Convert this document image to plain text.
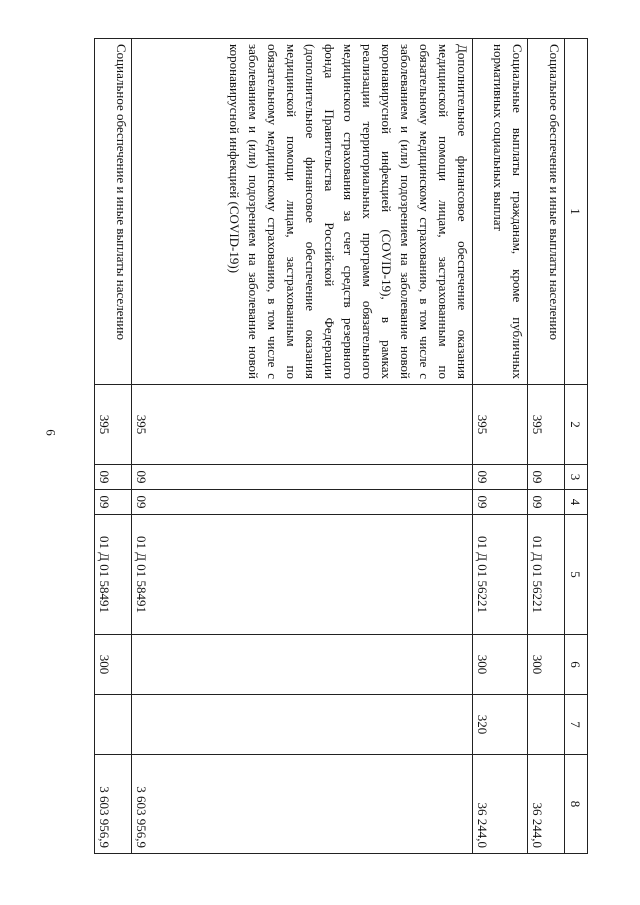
6
1	2	3	4	5	6	7	8
Социальное обеспечение и иные выплаты населению	395	09	09	01 Д 01 56221	300		36 244,0
Социальные выплаты гражданам, кроме публичных нормативных социальных выплат	395	09	09	01 Д 01 56221	300	320	36 244,0
Дополнительное финансовое обеспечение оказания медицинской помощи лицам, застрахованным по обязательному медицинскому страхованию, в том числе с заболеванием и (или) подозрением на заболевание новой коронавирусной инфекцией (COVID-19), в рамках реализации территориальных программ обязательного медицинского страхования за счет средств резервного фонда Правительства Российской Федерации (дополнительное финансовое обеспечение оказания медицинской помощи лицам, застрахованным по обязательному медицинскому страхованию, в том числе с заболеванием и (или) подозрением на заболевание новой коронавирусной инфекцией (COVID-19))	395	09	09	01 Д 01 58491			3 603 956,9
Социальное обеспечение и иные выплаты населению	395	09	09	01 Д 01 58491	300		3 603 956,9
